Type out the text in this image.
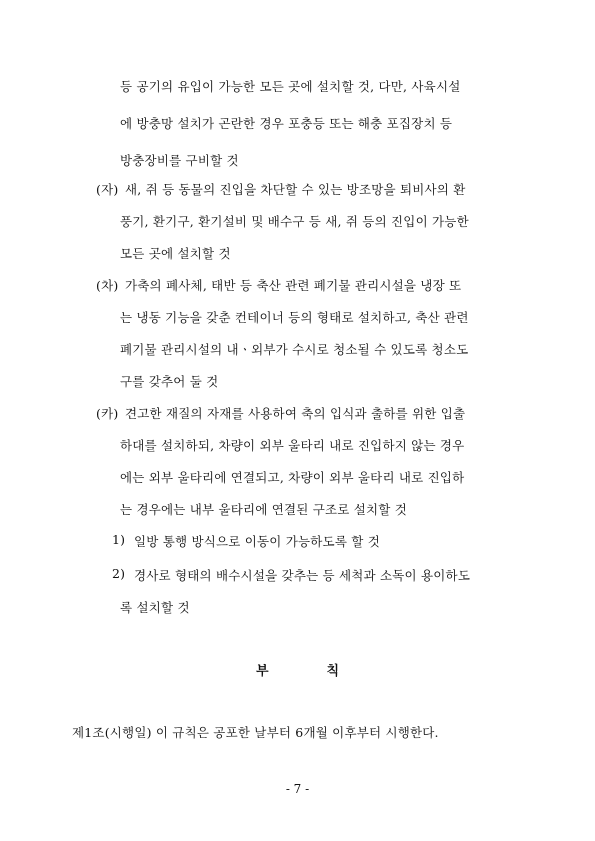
등 공기의 유입이 가능한 모든 곳에 설치할 것, 다만, 사육시설
에 방충망 설치가 곤란한 경우 포충등 또는 해충 포집장치 등
방충장비를 구비할 것
(자) 새, 쥐 등 동물의 진입을 차단할 수 있는 방조망을 퇴비사의 환
풍기, 환기구, 환기설비 및 배수구 등 새, 쥐 등의 진입이 가능한
모든 곳에 설치할 것
(차) 가축의 폐사체, 태반 등 축산 관련 폐기물 관리시설을 냉장 또
는 냉동 기능을 갖춘 컨테이너 등의 형태로 설치하고, 축산 관련
폐기물 관리시설의 내ㆍ외부가 수시로 청소될 수 있도록 청소도
구를 갖추어 둘 것
(카) 견고한 재질의 자재를 사용하여 축의 입식과 출하를 위한 입출
하대를 설치하되, 차량이 외부 울타리 내로 진입하지 않는 경우
에는 외부 울타리에 연결되고, 차량이 외부 울타리 내로 진입하
는 경우에는 내부 울타리에 연결된 구조로 설치할 것
1) 일방 통행 방식으로 이동이 가능하도록 할 것
2) 경사로 형태의 배수시설을 갖추는 등 세척과 소독이 용이하도
록 설치할 것
부	칙
제1조(시행일) 이 규칙은 공포한 날부터 6개월 이후부터 시행한다.
- 7 -
